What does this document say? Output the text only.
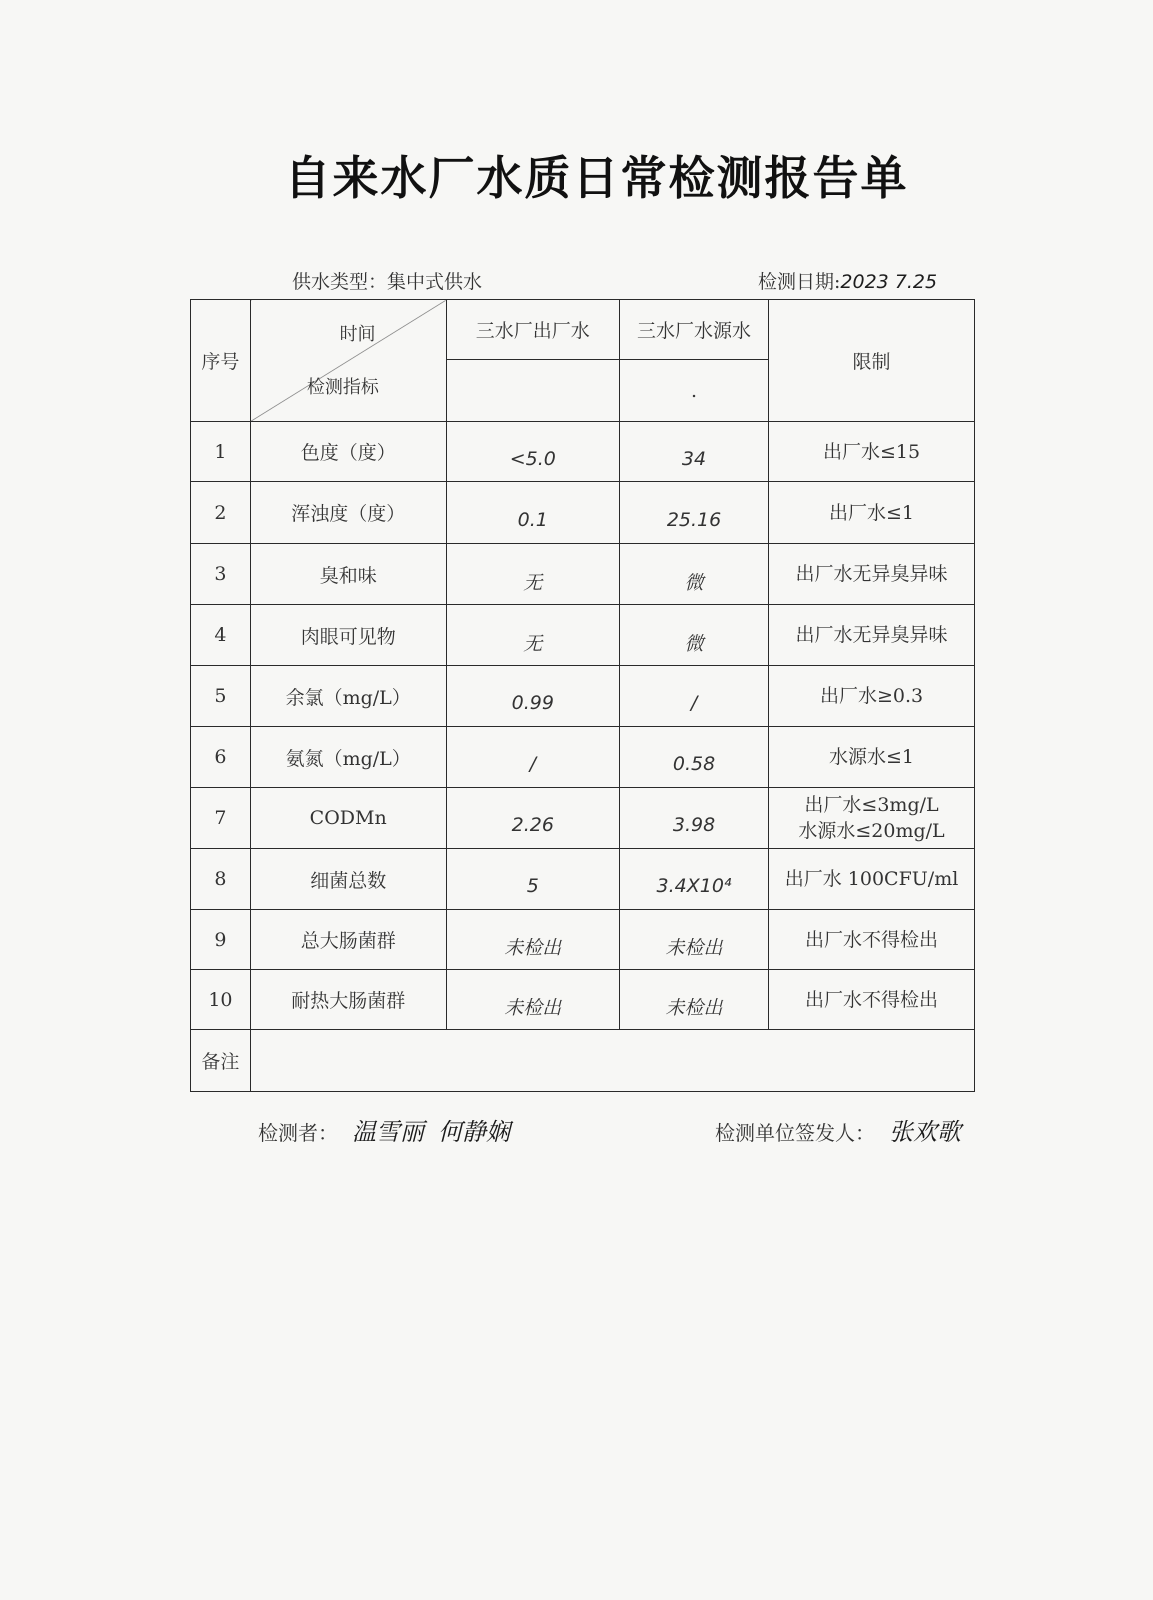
自来水厂水质日常检测报告单
供水类型：集中式供水	检测日期:2023 7.25
序号	时间
检测指标	三水厂出厂水	三水厂水源水	限制
			.	
1	色度（度）	<5.0	34	出厂水≤15

2	浑浊度（度）	0.1	25.16	出厂水≤1

3	臭和味	无	微	出厂水无异臭异味

4	肉眼可见物	无	微	出厂水无异臭异味

5	余氯（mg/L）	0.99	/	出厂水≥0.3

6	氨氮（mg/L）	/	0.58	水源水≤1

7	CODMn	2.26	3.98	出厂水≤3mg/L
水源水≤20mg/L

8	细菌总数	5	3.4X10⁴	出厂水 100CFU/ml

9	总大肠菌群	未检出	未检出	出厂水不得检出

10	耐热大肠菌群	未检出	未检出	出厂水不得检出

备注				
检测者： 温雪丽 何静娴	检测单位签发人： 张欢歌
